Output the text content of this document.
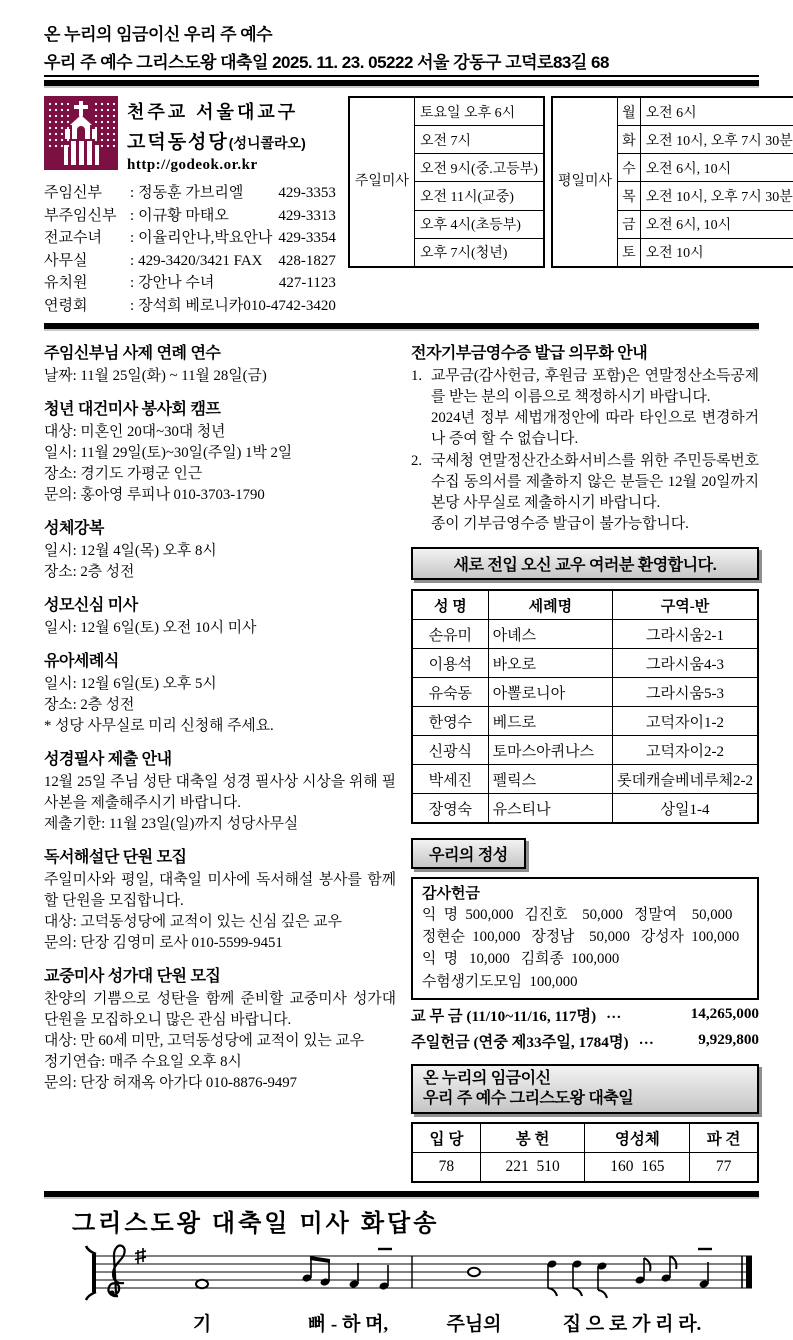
온 누리의 임금이신 우리 주 예수
우리 주 예수 그리스도왕 대축일 2025. 11. 23. 05222 서울 강동구 고덕로83길 68
천주교 서울대교구
고덕동성당(성니콜라오)
http://godeok.or.kr
주임신부	: 정동훈 가브리엘 429-3353
부주임신부 : 이규황 마태오	429-3313
전교수녀	: 이율리안나,박요안나 429-3354
사무실	: 429-3420/3421 FAX 428-1827
유치원	: 강안나 수녀	427-1123
연령회	: 장석희 베로니카 010-4742-3420
주일미사	토요일 오후 6시
오전 7시
오전 9시(중.고등부)
오전 11시(교중)
오후 4시(초등부)
오후 7시(청년)
평일미사	월	오전 6시
	화	오전 10시, 오후 7시 30분
	수	오전 6시, 10시
	목	오전 10시, 오후 7시 30분
	금	오전 6시, 10시
	토	오전 10시
주임신부님 사제 연례 연수
날짜: 11월 25일(화) ~ 11월 28일(금)
청년 대건미사 봉사회 캠프
대상: 미혼인 20대~30대 청년
일시: 11월 29일(토)~30일(주일) 1박 2일
장소: 경기도 가평군 인근
문의: 홍아영 루피나 010-3703-1790
성체강복
일시: 12월 4일(목) 오후 8시
장소: 2층 성전
성모신심 미사
일시: 12월 6일(토) 오전 10시 미사
유아세례식
일시: 12월 6일(토) 오후 5시
장소: 2층 성전
* 성당 사무실로 미리 신청해 주세요.
성경필사 제출 안내
12월 25일 주님 성탄 대축일 성경 필사상 시상을 위해 필사본을 제출해주시기 바랍니다.
제출기한: 11월 23일(일)까지 성당사무실
독서해설단 단원 모집
주일미사와 평일, 대축일 미사에 독서해설 봉사를 함께 할 단원을 모집합니다.
대상: 고덕동성당에 교적이 있는 신심 깊은 교우
문의: 단장 김영미 로사 010-5599-9451
교중미사 성가대 단원 모집
찬양의 기쁨으로 성탄을 함께 준비할 교중미사 성가대 단원을 모집하오니 많은 관심 바랍니다.
대상: 만 60세 미만, 고덕동성당에 교적이 있는 교우
정기연습: 매주 수요일 오후 8시
문의: 단장 허재옥 아가다 010-8876-9497
전자기부금영수증 발급 의무화 안내
1. 교무금(감사헌금, 후원금 포함)은 연말정산소득공제를 받는 분의 이름으로 책정하시기 바랍니다.
2024년 정부 세법개정안에 따라 타인으로 변경하거나 증여 할 수 없습니다.
2. 국세청 연말정산간소화서비스를 위한 주민등록번호 수집 동의서를 제출하지 않은 분들은 12월 20일까지 본당 사무실로 제출하시기 바랍니다.
종이 기부금영수증 발급이 불가능합니다.
새로 전입 오신 교우 여러분 환영합니다.
성 명	세례명	구역-반
손유미	아녜스	그라시움2-1
이용석	바오로	그라시움4-3
유숙동	아뽈로니아	그라시움5-3
한영수	베드로	고덕자이1-2
신광식	토마스아퀴나스	고덕자이2-2
박세진	펠릭스	롯데캐슬베네루체2-2
장영숙	유스티나	상일1-4
우리의 정성
감사헌금
익  명  500,000   김진호    50,000   정말여    50,000
정현순  100,000   장정남    50,000   강성자  100,000
익  명   10,000   김희종  100,000
수험생기도모임  100,000
교 무 금 (11/10~11/16, 117명) …	14,265,000
주일헌금 (연중 제33주일, 1784명) …	9,929,800
온 누리의 임금이신
우리 주 예수 그리스도왕 대축일
입 당	봉 헌	영성체	파 견
78	221  510	160  165	77
그리스도왕 대축일 미사 화답송
기	뻐 - 하 며,	주님의	집 으 로 가 리 라.
